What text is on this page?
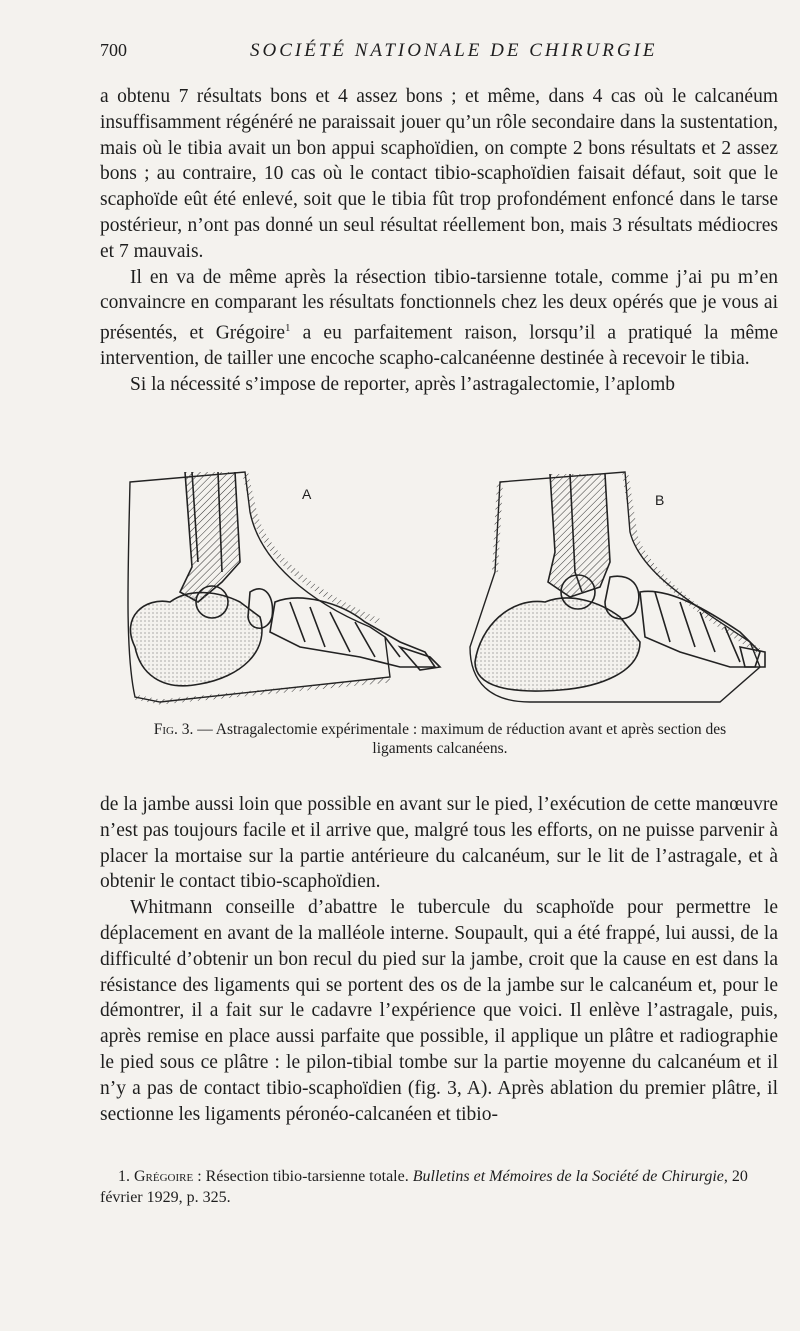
700	SOCIÉTÉ NATIONALE DE CHIRURGIE

a obtenu 7 résultats bons et 4 assez bons ; et même, dans 4 cas où le calcanéum insuffisamment régénéré ne paraissait jouer qu’un rôle secondaire dans la sustentation, mais où le tibia avait un bon appui scaphoïdien, on compte 2 bons résultats et 2 assez bons ; au contraire, 10 cas où le contact tibio-scaphoïdien faisait défaut, soit que le scaphoïde eût été enlevé, soit que le tibia fût trop profondément enfoncé dans le tarse postérieur, n’ont pas donné un seul résultat réellement bon, mais 3 résultats médiocres et 7 mauvais.

Il en va de même après la résection tibio-tarsienne totale, comme j’ai pu m’en convaincre en comparant les résultats fonctionnels chez les deux opérés que je vous ai présentés, et Grégoire$^1$ a eu parfaitement raison, lorsqu’il a pratiqué la même intervention, de tailler une encoche scapho-calcanéenne destinée à recevoir le tibia.

Si la nécessité s’impose de reporter, après l’astragalectomie, l’aplomb

A	B
Fig. 3. — Astragalectomie expérimentale : maximum de réduction avant et après section des ligaments calcanéens.

de la jambe aussi loin que possible en avant sur le pied, l’exécution de cette manœuvre n’est pas toujours facile et il arrive que, malgré tous les efforts, on ne puisse parvenir à placer la mortaise sur la partie antérieure du calcanéum, sur le lit de l’astragale, et à obtenir le contact tibio-scaphoïdien.

Whitmann conseille d’abattre le tubercule du scaphoïde pour permettre le déplacement en avant de la malléole interne. Soupault, qui a été frappé, lui aussi, de la difficulté d’obtenir un bon recul du pied sur la jambe, croit que la cause en est dans la résistance des ligaments qui se portent des os de la jambe sur le calcanéum et, pour le démontrer, il a fait sur le cadavre l’expérience que voici. Il enlève l’astragale, puis, après remise en place aussi parfaite que possible, il applique un plâtre et radiographie le pied sous ce plâtre : le pilon-tibial tombe sur la partie moyenne du calcanéum et il n’y a pas de contact tibio-scaphoïdien (fig. 3, A). Après ablation du premier plâtre, il sectionne les ligaments péronéo-calcanéen et tibio-

1. Grégoire : Résection tibio-tarsienne totale. Bulletins et Mémoires de la Société de Chirurgie, 20 février 1929, p. 325.
